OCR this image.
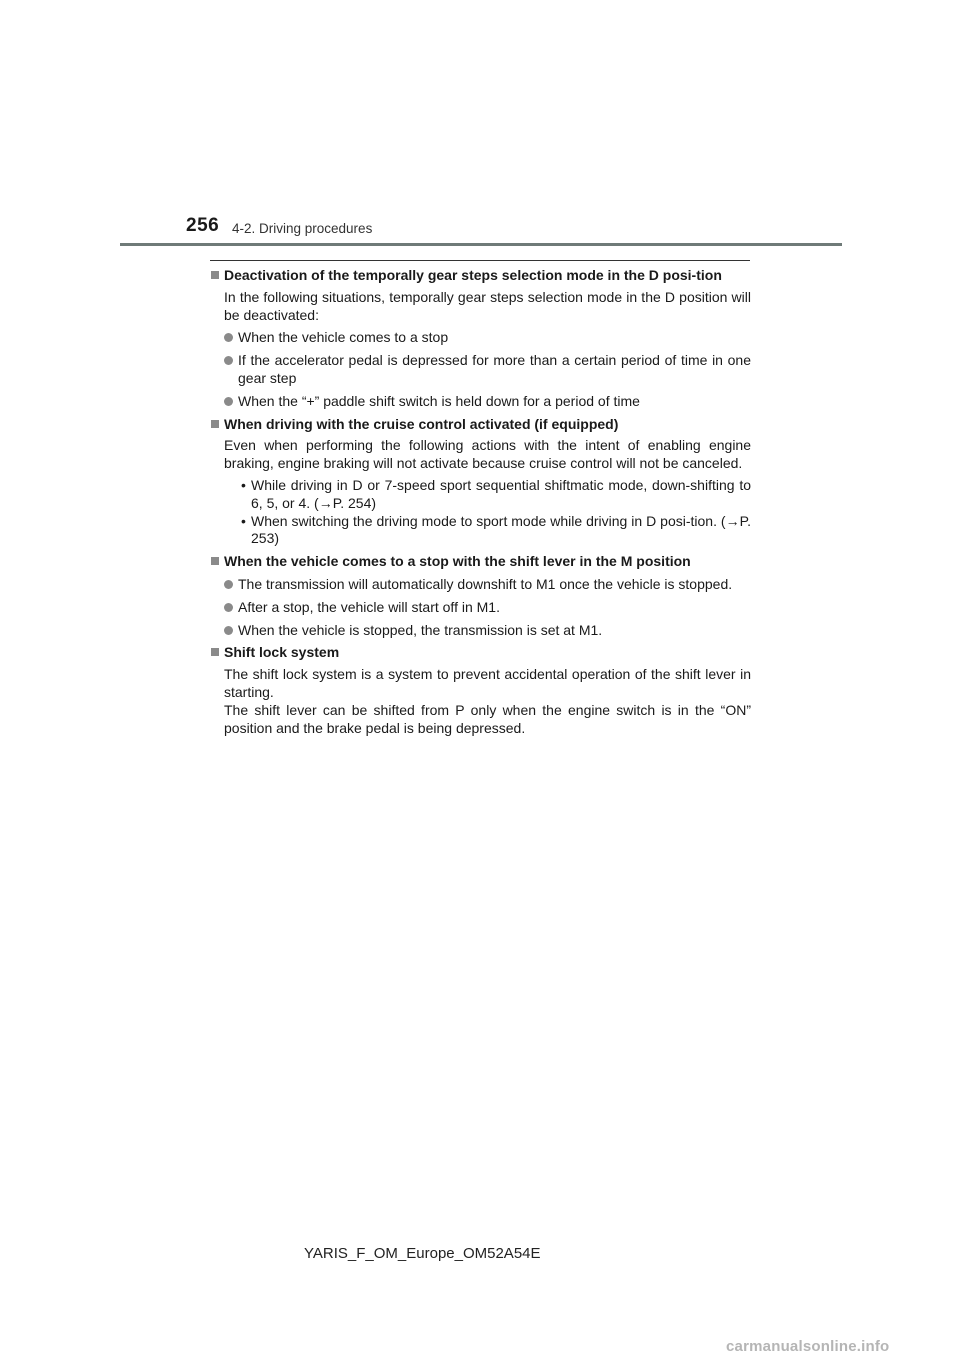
256 4-2. Driving procedures
Deactivation of the temporally gear steps selection mode in the D posi-tion
In the following situations, temporally gear steps selection mode in the D position will be deactivated:
When the vehicle comes to a stop
If the accelerator pedal is depressed for more than a certain period of time in one gear step
When the “+” paddle shift switch is held down for a period of time
When driving with the cruise control activated (if equipped)
Even when performing the following actions with the intent of enabling engine braking, engine braking will not activate because cruise control will not be canceled.
• While driving in D or 7-speed sport sequential shiftmatic mode, down-shifting to 6, 5, or 4. (→P. 254)
• When switching the driving mode to sport mode while driving in D posi-tion. (→P. 253)
When the vehicle comes to a stop with the shift lever in the M position
The transmission will automatically downshift to M1 once the vehicle is stopped.
After a stop, the vehicle will start off in M1.
When the vehicle is stopped, the transmission is set at M1.
Shift lock system
The shift lock system is a system to prevent accidental operation of the shift lever in starting.
The shift lever can be shifted from P only when the engine switch is in the “ON” position and the brake pedal is being depressed.
YARIS_F_OM_Europe_OM52A54E
carmanualsonline.info
